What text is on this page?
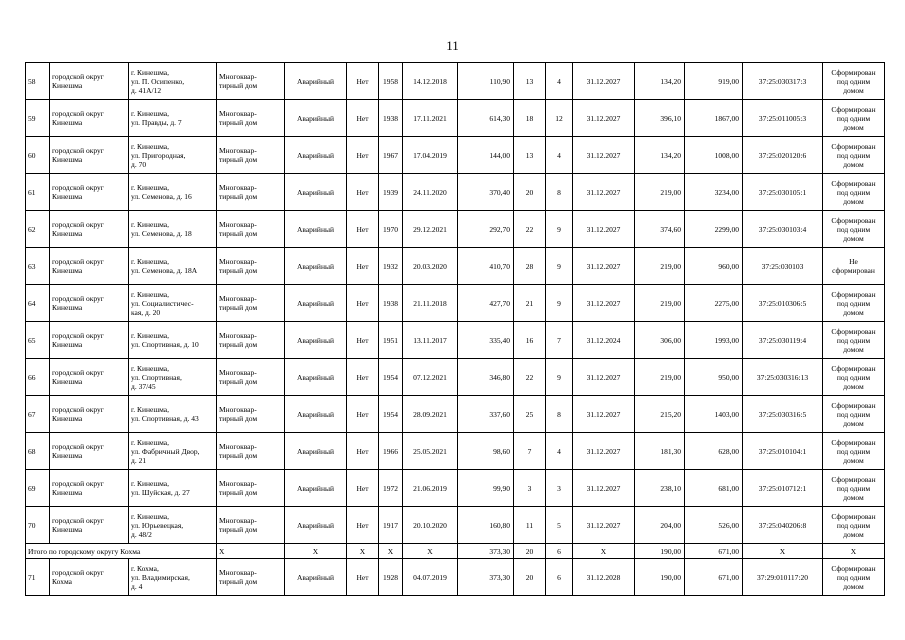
11
58	городской округ
Кинешма	г. Кинешма,
ул. П. Осипенко,
д. 41А/12	Многоквар-
тирный дом	Аварийный	Нет	1958	14.12.2018	110,90	13	4	31.12.2027	134,20	919,00	37:25:030317:3	Сформирован
под одним
домом
59	городской округ
Кинешма	г. Кинешма,
ул. Правды, д. 7	Многоквар-
тирный дом	Аварийный	Нет	1938	17.11.2021	614,30	18	12	31.12.2027	396,10	1867,00	37:25:011005:3	Сформирован
под одним
домом
60	городской округ
Кинешма	г. Кинешма,
ул. Пригородная,
д. 70	Многоквар-
тирный дом	Аварийный	Нет	1967	17.04.2019	144,00	13	4	31.12.2027	134,20	1008,00	37:25:020120:6	Сформирован
под одним
домом
61	городской округ
Кинешма	г. Кинешма,
ул. Семенова, д. 16	Многоквар-
тирный дом	Аварийный	Нет	1939	24.11.2020	370,40	20	8	31.12.2027	219,00	3234,00	37:25:030105:1	Сформирован
под одним
домом
62	городской округ
Кинешма	г. Кинешма,
ул. Семенова, д. 18	Многоквар-
тирный дом	Аварийный	Нет	1970	29.12.2021	292,70	22	9	31.12.2027	374,60	2299,00	37:25:030103:4	Сформирован
под одним
домом
63	городской округ
Кинешма	г. Кинешма,
ул. Семенова, д. 18А	Многоквар-
тирный дом	Аварийный	Нет	1932	20.03.2020	410,70	28	9	31.12.2027	219,00	960,00	37:25:030103	Не
сформирован
64	городской округ
Кинешма	г. Кинешма,
ул. Социалистичес-
кая, д. 20	Многоквар-
тирный дом	Аварийный	Нет	1938	21.11.2018	427,70	21	9	31.12.2027	219,00	2275,00	37:25:010306:5	Сформирован
под одним
домом
65	городской округ
Кинешма	г. Кинешма,
ул. Спортивная, д. 10	Многоквар-
тирный дом	Аварийный	Нет	1951	13.11.2017	335,40	16	7	31.12.2024	306,00	1993,00	37:25:030119:4	Сформирован
под одним
домом
66	городской округ
Кинешма	г. Кинешма,
ул. Спортивная,
д. 37/45	Многоквар-
тирный дом	Аварийный	Нет	1954	07.12.2021	346,80	22	9	31.12.2027	219,00	950,00	37:25:030316:13	Сформирован
под одним
домом
67	городской округ
Кинешма	г. Кинешма,
ул. Спортивная, д. 43	Многоквар-
тирный дом	Аварийный	Нет	1954	28.09.2021	337,60	25	8	31.12.2027	215,20	1403,00	37:25:030316:5	Сформирован
под одним
домом
68	городской округ
Кинешма	г. Кинешма,
ул. Фабричный Двор,
д. 21	Многоквар-
тирный дом	Аварийный	Нет	1966	25.05.2021	98,60	7	4	31.12.2027	181,30	628,00	37:25:010104:1	Сформирован
под одним
домом
69	городской округ
Кинешма	г. Кинешма,
ул. Шуйская, д. 27	Многоквар-
тирный дом	Аварийный	Нет	1972	21.06.2019	99,90	3	3	31.12.2027	238,10	681,00	37:25:010712:1	Сформирован
под одним
домом
70	городской округ
Кинешма	г. Кинешма,
ул. Юрьевецкая,
д. 48/2	Многоквар-
тирный дом	Аварийный	Нет	1917	20.10.2020	160,80	11	5	31.12.2027	204,00	526,00	37:25:040206:8	Сформирован
под одним
домом
Итого по городскому округу Кохма			X	X	X	X	X	373,30	20	6	X	190,00	671,00	X	X
71	городской округ
Кохма	г. Кохма,
ул. Владимирская,
д. 4	Многоквар-
тирный дом	Аварийный	Нет	1928	04.07.2019	373,30	20	6	31.12.2028	190,00	671,00	37:29:010117:20	Сформирован
под одним
домом
